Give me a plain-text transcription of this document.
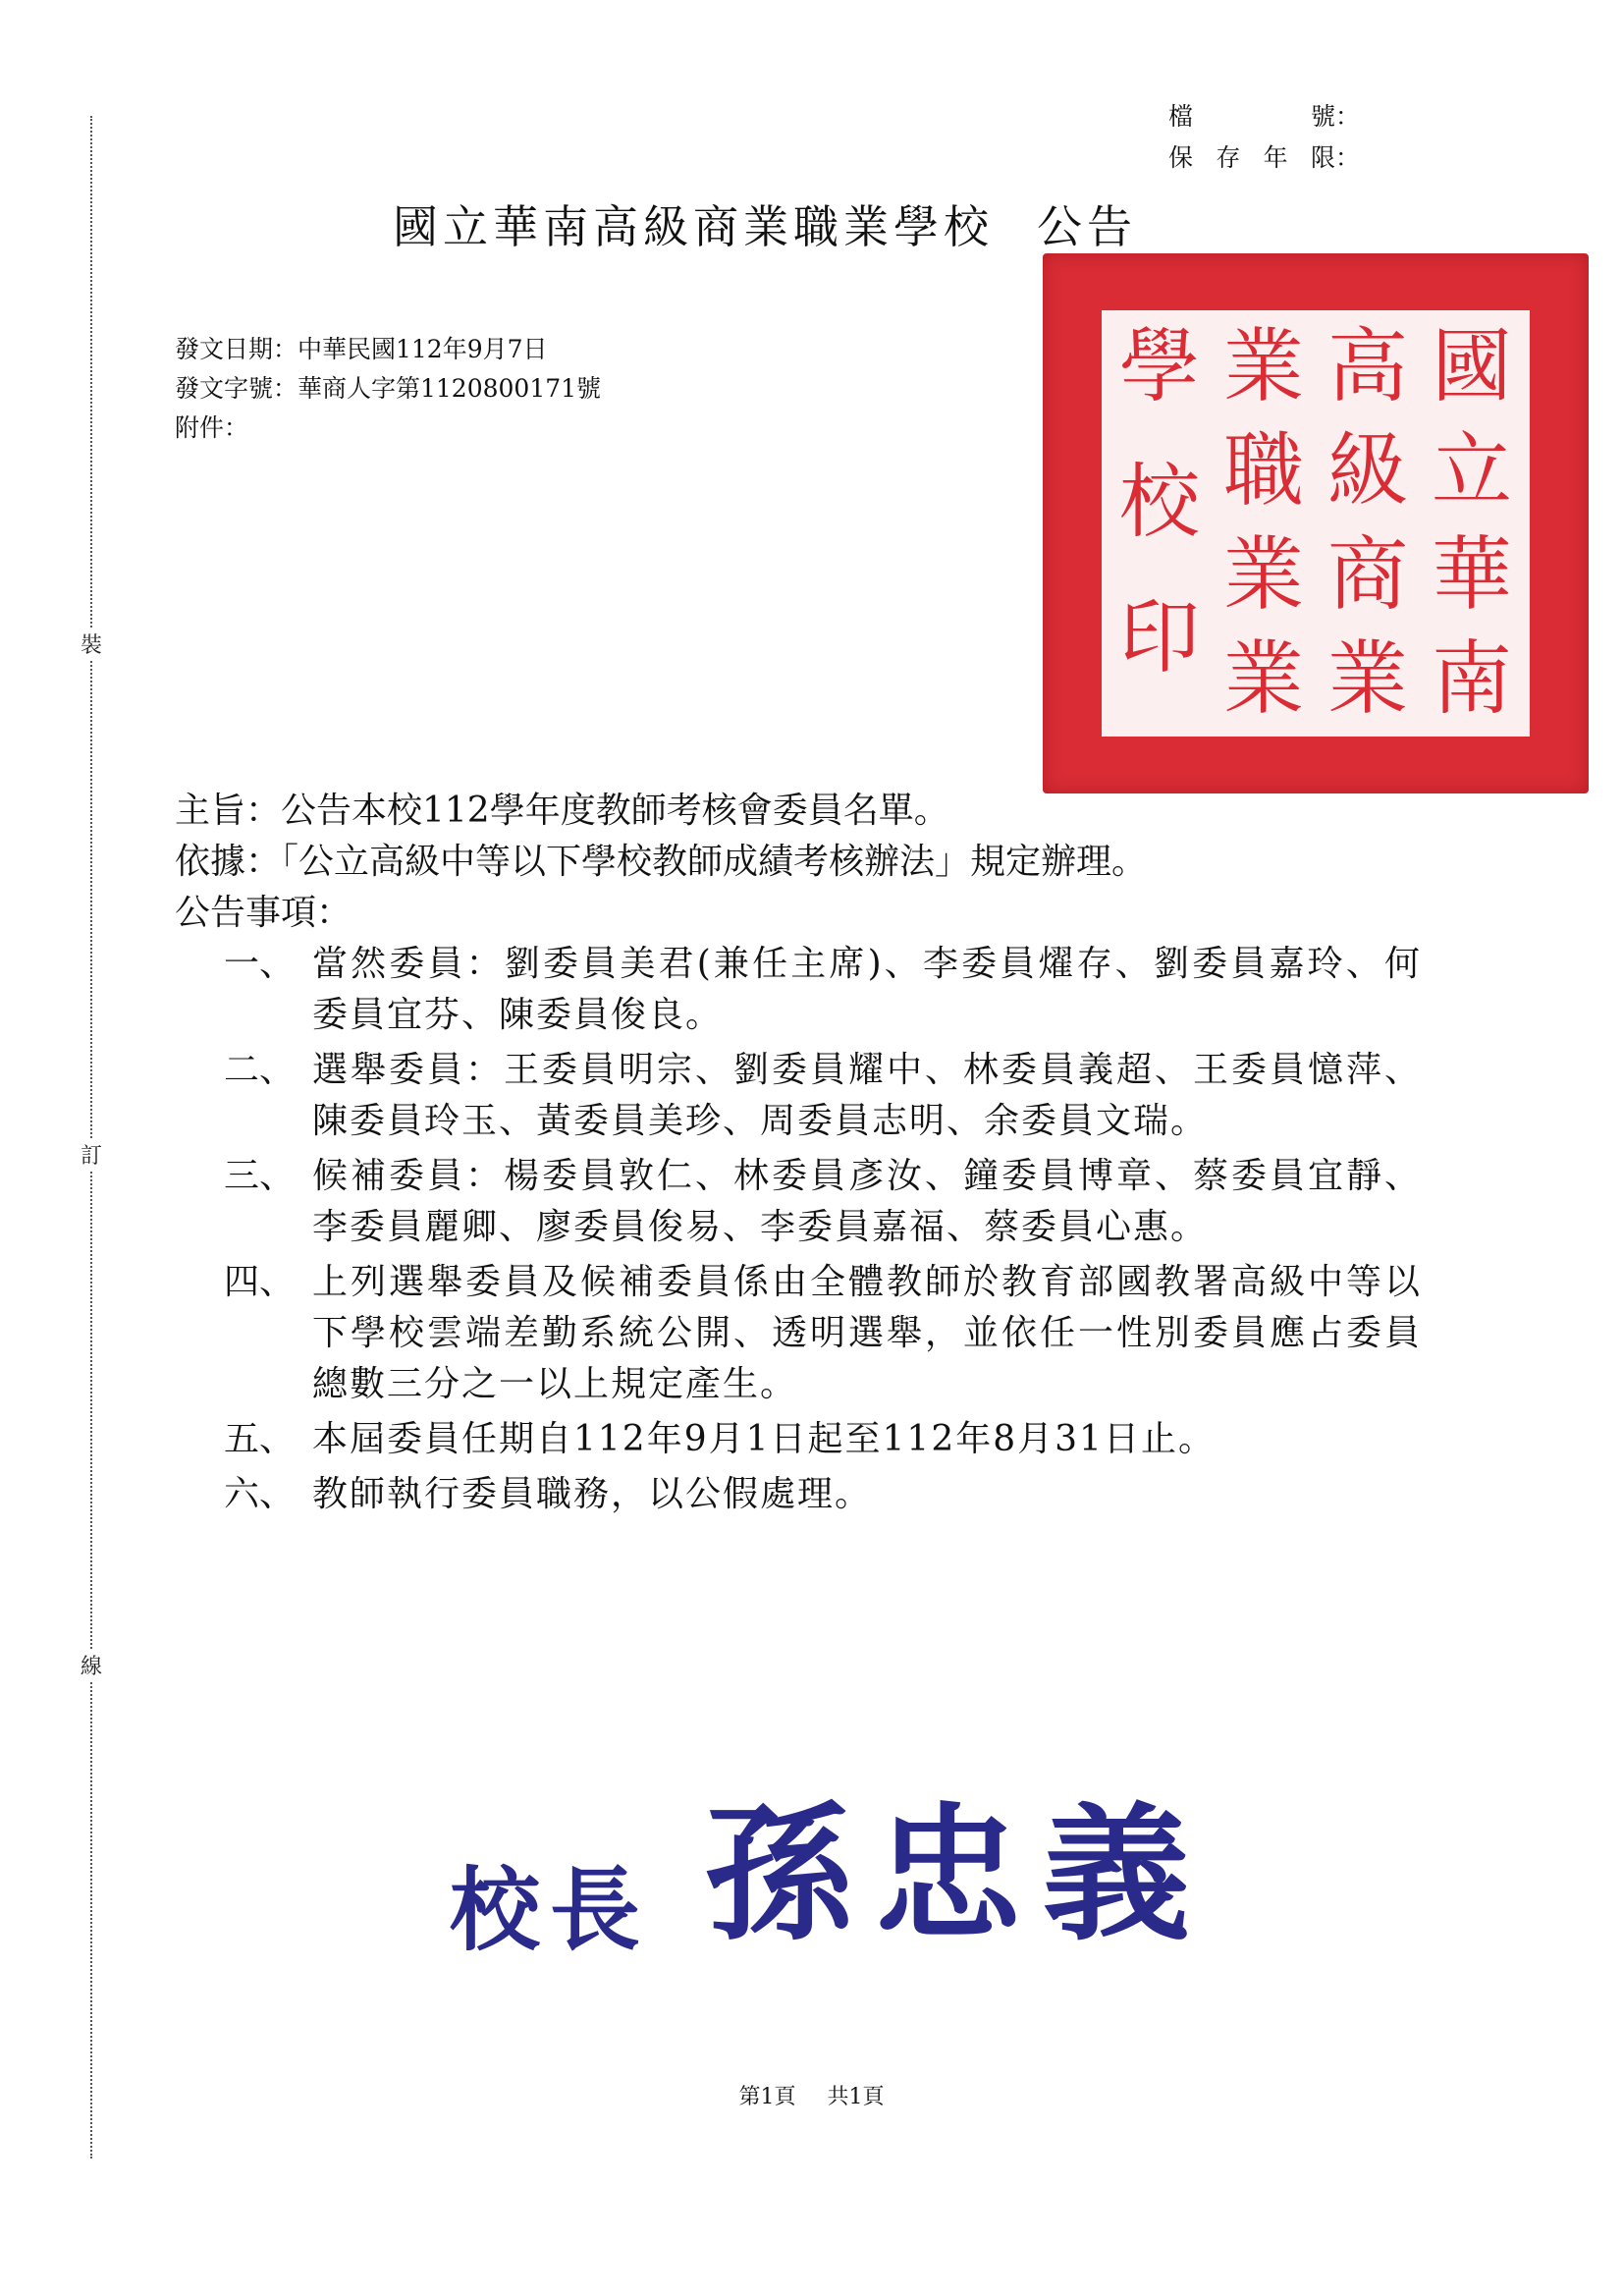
裝
訂
線
檔　　號 ：
保存年限 ：
國立華南高級商業職業學校 公告
國
立
華
南
高
級
商
業
業
職
業
業
學
校
印
發文日期：中華民國112年9月7日
發文字號：華商人字第1120800171號
附件：
主旨：公告本校112學年度教師考核會委員名單。
依據：「公立高級中等以下學校教師成績考核辦法」規定辦理。
公告事項：
一、 當然委員：劉委員美君(兼任主席)、李委員燿存、劉委員嘉玲、何委員宜芬、陳委員俊良。
二、 選舉委員：王委員明宗、劉委員耀中、林委員義超、王委員憶萍、陳委員玲玉、黃委員美珍、周委員志明、余委員文瑞。
三、 候補委員：楊委員敦仁、林委員彥汝、鐘委員博章、蔡委員宜靜、李委員麗卿、廖委員俊易、李委員嘉福、蔡委員心惠。
四、 上列選舉委員及候補委員係由全體教師於教育部國教署高級中等以下學校雲端差勤系統公開、透明選舉，並依任一性別委員應占委員總數三分之一以上規定產生。
五、 本屆委員任期自112年9月1日起至112年8月31日止。
六、 教師執行委員職務，以公假處理。
校長 孫忠義
第1頁 共1頁
